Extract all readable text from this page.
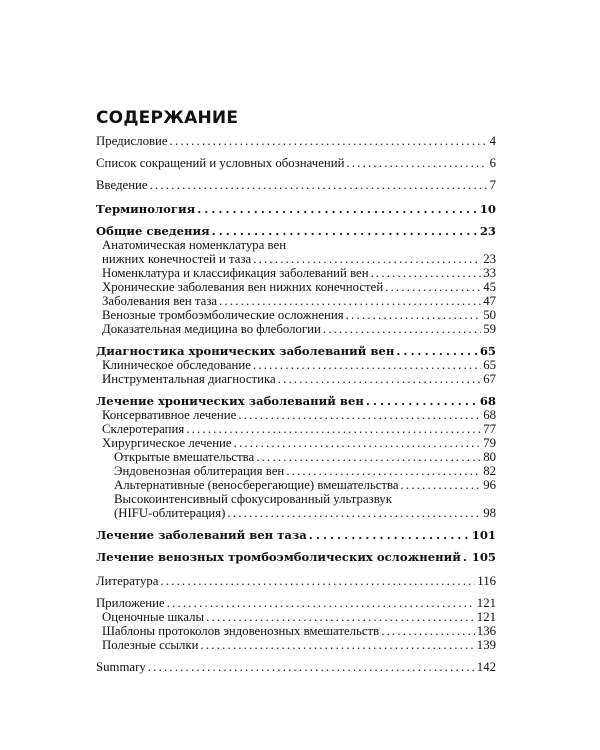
СОДЕРЖАНИЕ
Предисловие . . .	4
Список сокращений и условных обозначений . . .	6
Введение . . .	7
Терминология . . .	10
Общие сведения . . .	23
Анатомическая номенклатура вен
нижних конечностей и таза . . .	23
Номенклатура и классификация заболеваний вен . . .	33
Хронические заболевания вен нижних конечностей . . .	45
Заболевания вен таза . . .	47
Венозные тромбоэмболические осложнения . . .	50
Доказательная медицина во флебологии . . .	59
Диагностика хронических заболеваний вен . . .	65
Клиническое обследование . . .	65
Инструментальная диагностика . . .	67
Лечение хронических заболеваний вен . . .	68
Консервативное лечение . . .	68
Склеротерапия . . .	77
Хирургическое лечение . . .	79
Открытые вмешательства . . .	80
Эндовенозная облитерация вен . . .	82
Альтернативные (веносберегающие) вмешательства . . .	96
Высокоинтенсивный сфокусированный ультразвук
(HIFU-облитерация) . . .	98
Лечение заболеваний вен таза . . .	101
Лечение венозных тромбоэмболических осложнений . . . 105
Литература . . .	116
Приложение . . .	121
Оценочные шкалы . . .	121
Шаблоны протоколов эндовенозных вмешательств . . .	136
Полезные ссылки . . .	139
Summary . . .	142
